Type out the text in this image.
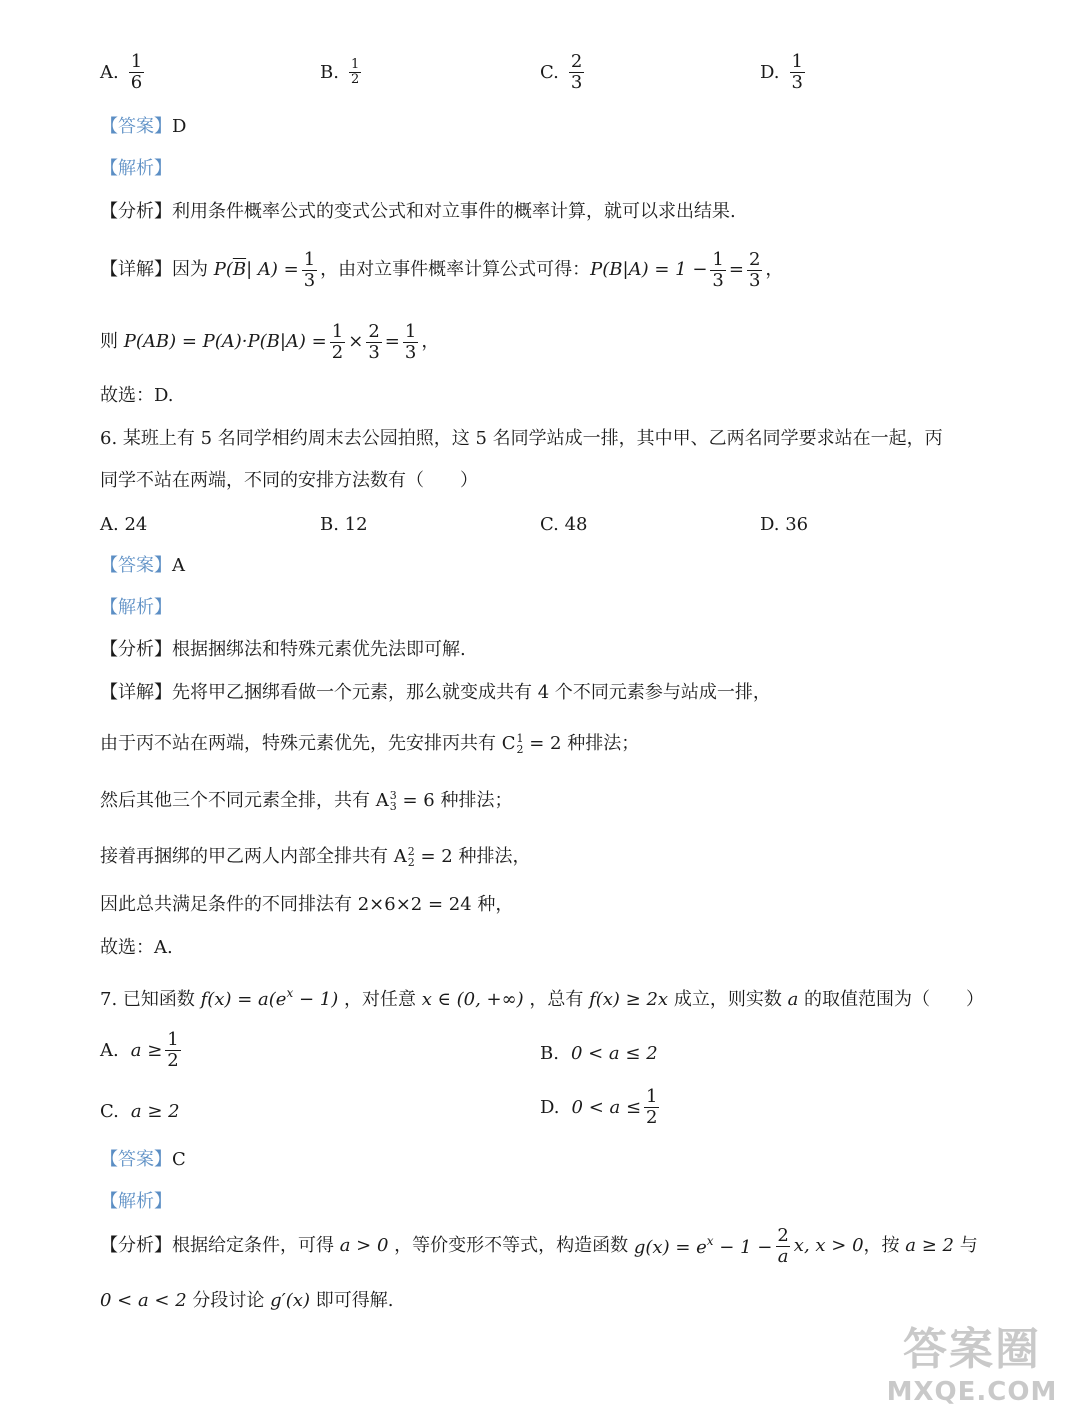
A. $\frac{1}{6}$	B. $\frac{1}{2}$	C. $\frac{2}{3}$	D. $\frac{1}{3}$
【答案】D
【解析】
【分析】利用条件概率公式的变式公式和对立事件的概率计算，就可以求出结果.
【详解】 因为 $P(\overline{B}|$ $A) = \frac{1}{3}$ ，由对立事件概率计算公式可得： $P(B|A) = 1 - \frac{1}{3} = \frac{2}{3}$ ，
则 $P(AB) = P(A)\cdot P(B|A) = \frac{1}{2} \times \frac{2}{3} = \frac{1}{3}$ ，
故选：D.
6. 某班上有 5 名同学相约周末去公园拍照，这 5 名同学站成一排，其中甲、乙两名同学要求站在一起，丙
同学不站在两端，不同的安排方法数有（　　）
A. 24	B. 12	C. 48	D. 36
【答案】A
【解析】
【分析】根据捆绑法和特殊元素优先法即可解.
【详解】先将甲乙捆绑看做一个元素，那么就变成共有 4 个不同元素参与站成一排，
由于丙不站在两端，特殊元素优先，先安排丙共有 C 1
2 = 2 种排法；
然后其他三个不同元素全排，共有 A 3
3 = 6 种排法；
接着再捆绑的甲乙两人内部全排共有 A 2
2 = 2 种排法，
因此总共满足条件的不同排法有 2×6×2 = 24 种，
故选：A.
7. 已知函数 $f(x) = a(e^x - 1)$ ，对任意 x ∈ (0, +∞) ，总有 f(x) ≥ 2x 成立，则实数 a 的取值范围为（　　）
A. $a \ge \frac{1}{2}$	B. 0 < a ≤ 2
C. a ≥ 2	D. $0 < a \le \frac{1}{2}$
【答案】C
【解析】
【分析】根据给定条件，可得 a > 0 ，等价变形不等式，构造函数 $g(x) = e^x - 1 - \frac{2}{a} x$, x > 0 ，按 a ≥ 2 与
0 < a < 2 分段讨论 g′(x) 即可得解.
答案圈
MXQE.COM
